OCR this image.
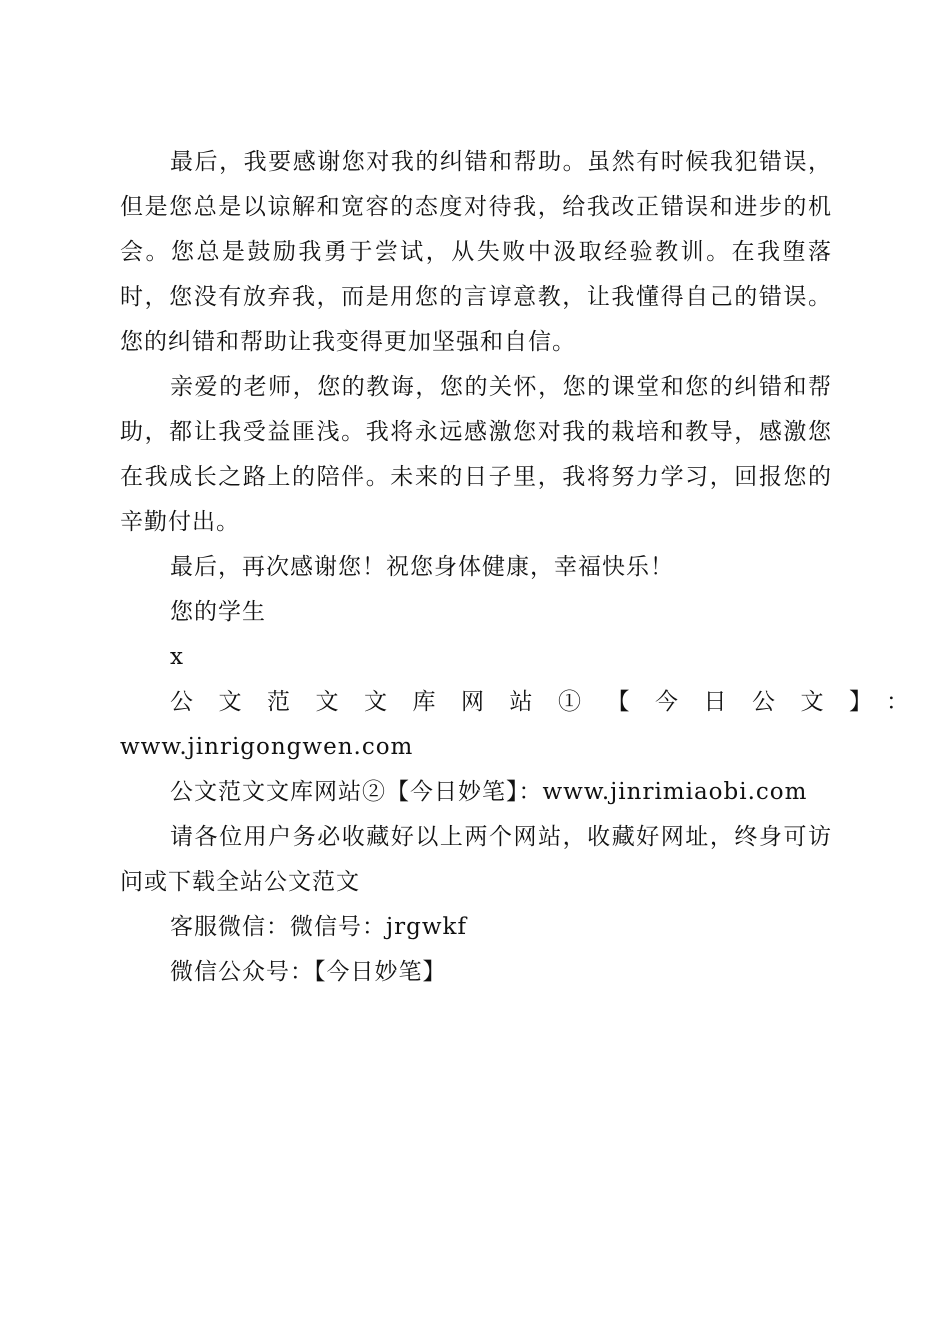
最后，我要感谢您对我的纠错和帮助。虽然有时候我犯错误，但是您总是以谅解和宽容的态度对待我，给我改正错误和进步的机会。您总是鼓励我勇于尝试，从失败中汲取经验教训。在我堕落时，您没有放弃我，而是用您的言谆意教，让我懂得自己的错误。您的纠错和帮助让我变得更加坚强和自信。

亲爱的老师，您的教诲，您的关怀，您的课堂和您的纠错和帮助，都让我受益匪浅。我将永远感激您对我的栽培和教导，感激您在我成长之路上的陪伴。未来的日子里，我将努力学习，回报您的辛勤付出。

最后，再次感谢您！祝您身体健康，幸福快乐！

您的学生

x

公文范文文库网站①【今日公文】：
www.jinrigongwen.com

公文范文文库网站②【今日妙笔】：www.jinrimiaobi.com

请各位用户务必收藏好以上两个网站，收藏好网址，终身可访问或下载全站公文范文

客服微信：微信号：jrgwkf

微信公众号：【今日妙笔】
